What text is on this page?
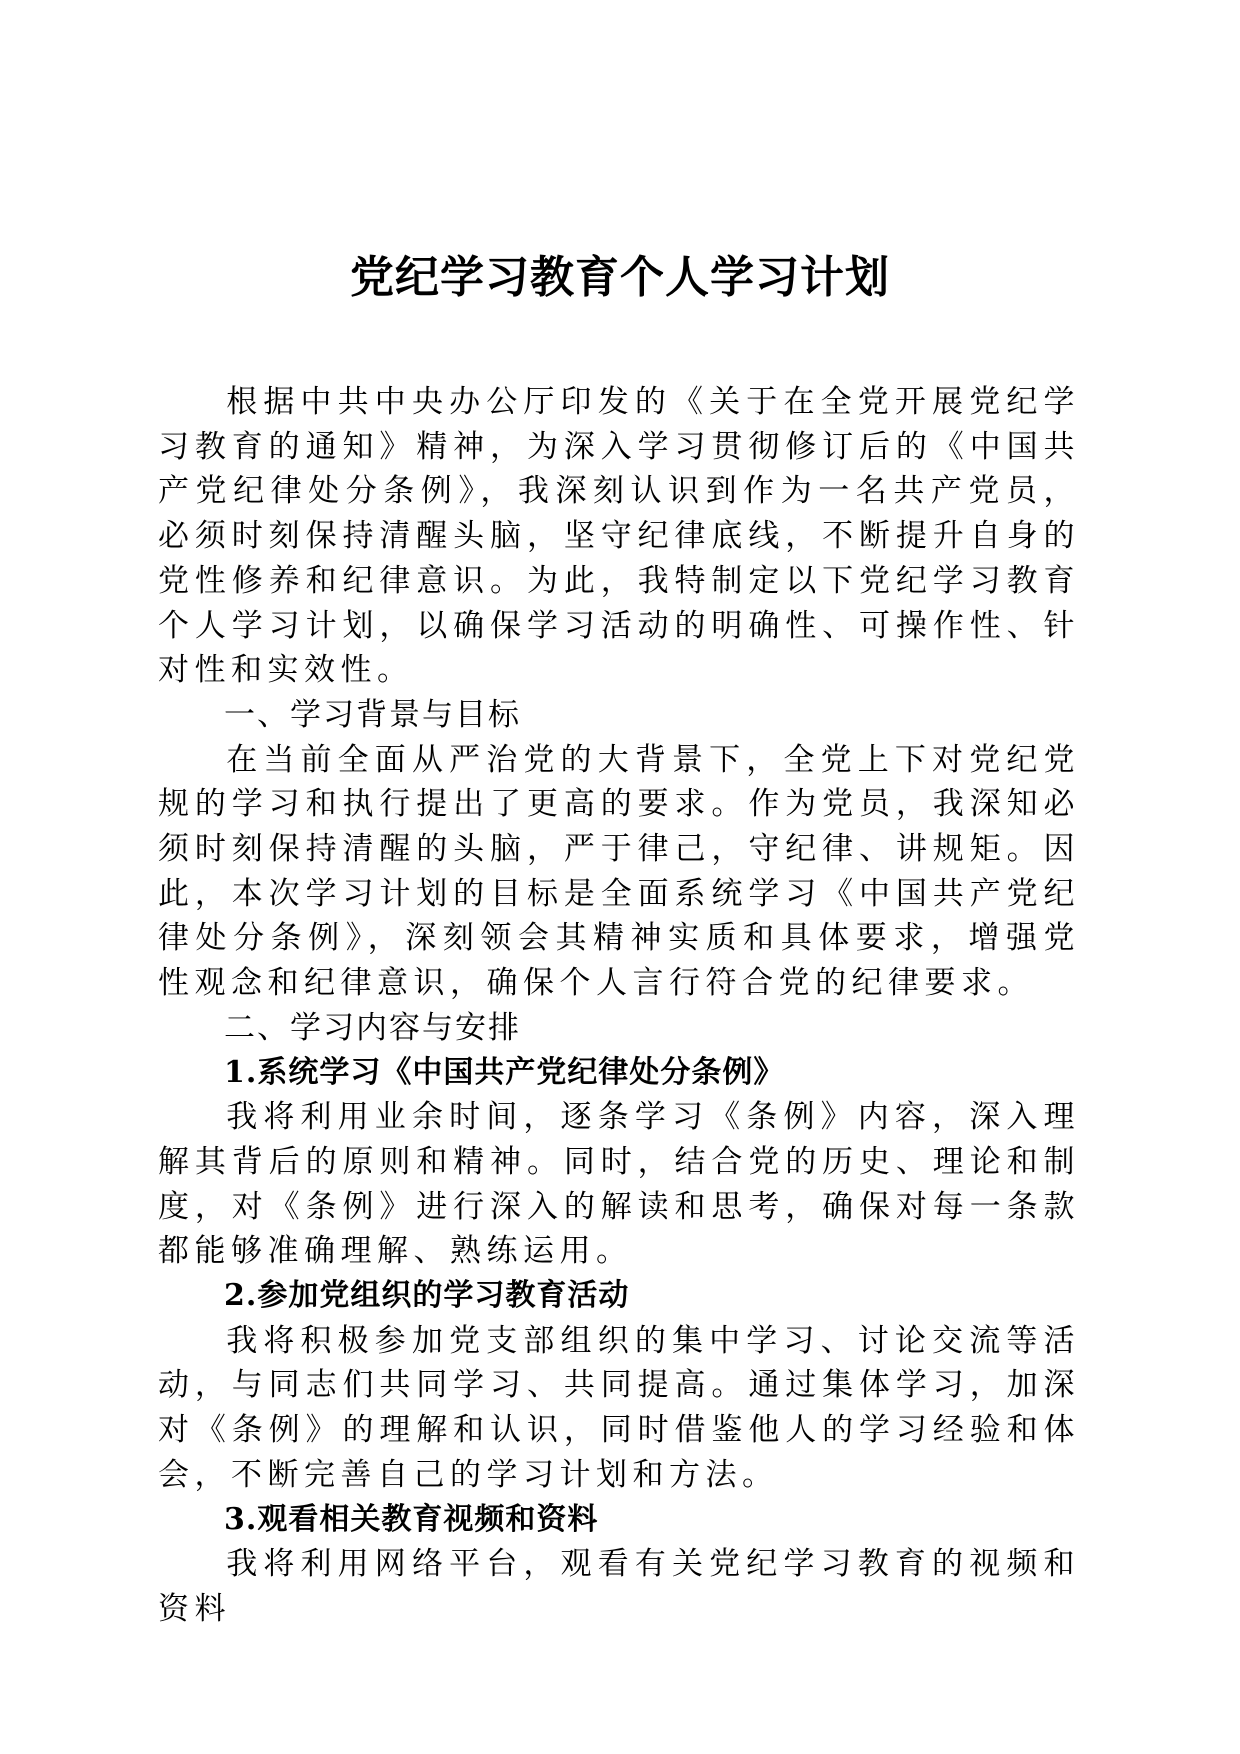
党纪学习教育个人学习计划

根据中共中央办公厅印发的《关于在全党开展党纪学习教育的通知》精神，为深入学习贯彻修订后的《中国共产党纪律处分条例》，我深刻认识到作为一名共产党员，必须时刻保持清醒头脑，坚守纪律底线，不断提升自身的党性修养和纪律意识。为此，我特制定以下党纪学习教育个人学习计划，以确保学习活动的明确性、可操作性、针对性和实效性。

一、学习背景与目标

在当前全面从严治党的大背景下，全党上下对党纪党规的学习和执行提出了更高的要求。作为党员，我深知必须时刻保持清醒的头脑，严于律己，守纪律、讲规矩。因此，本次学习计划的目标是全面系统学习《中国共产党纪律处分条例》，深刻领会其精神实质和具体要求，增强党性观念和纪律意识，确保个人言行符合党的纪律要求。

二、学习内容与安排

1.系统学习《中国共产党纪律处分条例》

我将利用业余时间，逐条学习《条例》内容，深入理解其背后的原则和精神。同时，结合党的历史、理论和制度，对《条例》进行深入的解读和思考，确保对每一条款都能够准确理解、熟练运用。

2.参加党组织的学习教育活动

我将积极参加党支部组织的集中学习、讨论交流等活动，与同志们共同学习、共同提高。通过集体学习，加深对《条例》的理解和认识，同时借鉴他人的学习经验和体会，不断完善自己的学习计划和方法。

3.观看相关教育视频和资料

我将利用网络平台，观看有关党纪学习教育的视频和资料
